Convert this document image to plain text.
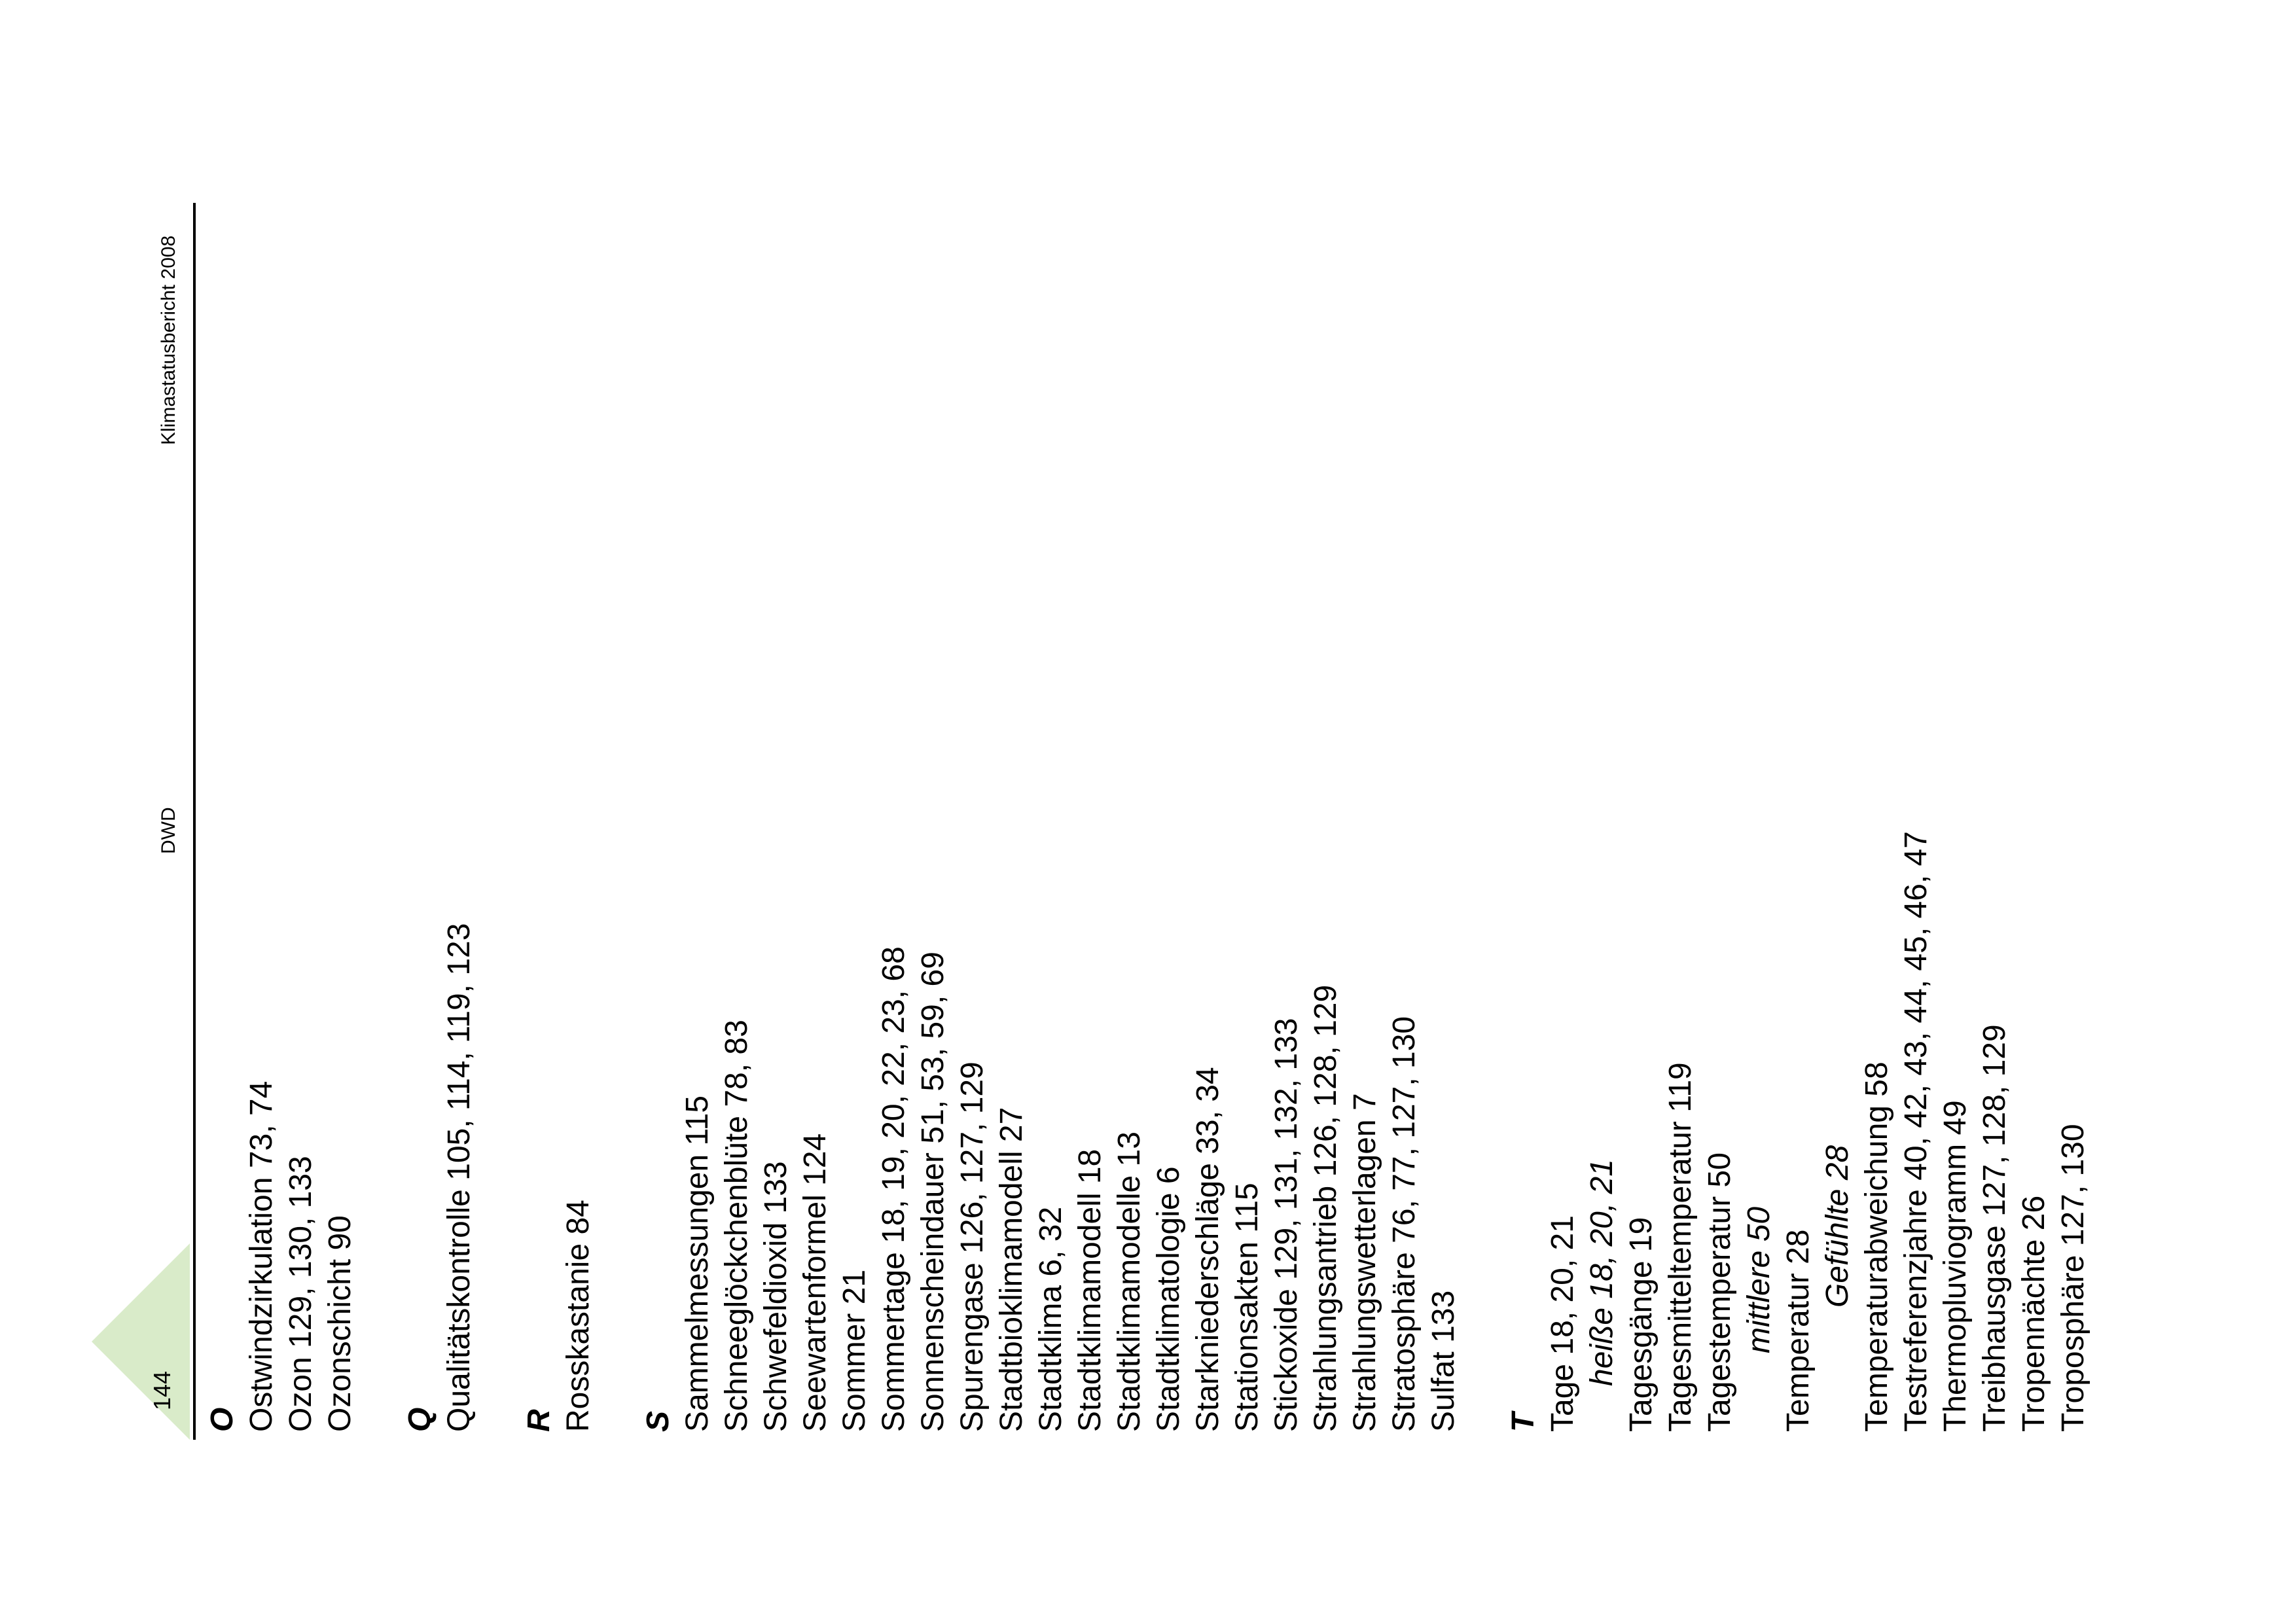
144
DWD
Klimastatusbericht 2008
O Ostwindzirkulation 73, 74 Ozon 129, 130, 133 Ozonschicht 90 Q Qualitätskontrolle 105, 114, 119, 123 R Rosskastanie 84 S Sammelmessungen 115 Schneeglöckchenblüte 78, 83 Schwefeldioxid 133 Seewartenformel 124 Sommer 21 Sommertage 18, 19, 20, 22, 23, 68 Sonnenscheindauer 51, 53, 59, 69 Spurengase 126, 127, 129 Stadtbioklimamodell 27 Stadtklima 6, 32 Stadtklimamodell 18 Stadtklimamodelle 13 Stadtklimatologie 6 Starkniederschläge 33, 34 Stationsakten 115 Stickoxide 129, 131, 132, 133 Strahlungsantrieb 126, 128, 129 Strahlungswetterlagen 7 Stratosphäre 76, 77, 127, 130 Sulfat 133 T Tage 18, 20, 21 heiße 18, 20, 21 Tagesgänge 19 Tagesmitteltemperatur 119 Tagestemperatur 50 mittlere 50 Temperatur 28
Gefühlte 28 Temperaturabweichung 58 Testreferenzjahre 40, 42, 43, 44, 45, 46, 47 Thermopluviogramm 49 Treibhausgase 127, 128, 129 Tropennächte 26 Troposphäre 127, 130
